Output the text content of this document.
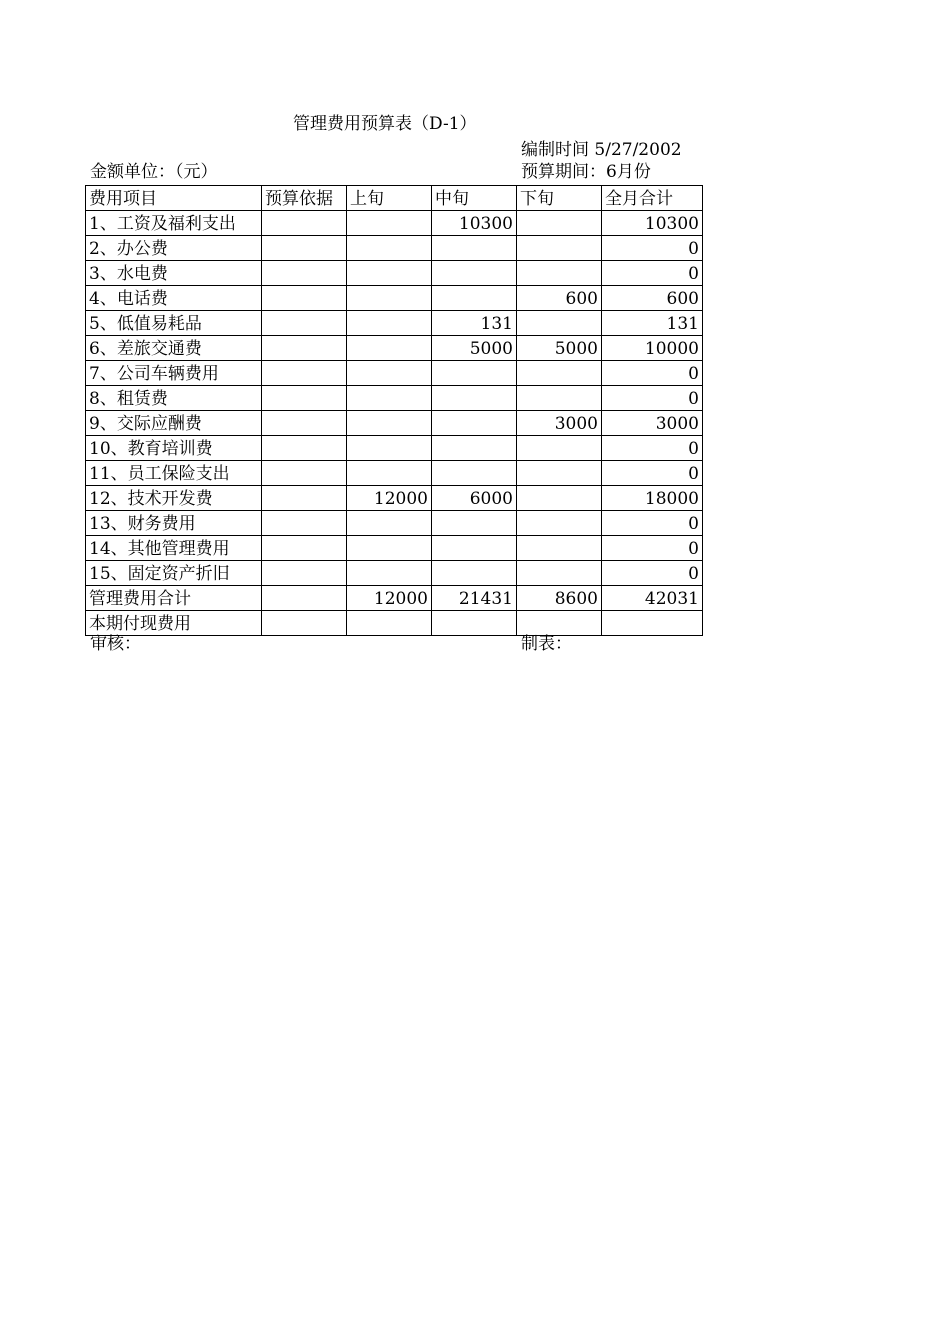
管理费用预算表（D-1）
编制时间 5/27/2002
金额单位：（元）	预算期间：6月份
费用项目	预算依据	上旬	中旬	下旬	全月合计
1、工资及福利支出			10300		10300
2、办公费					0
3、水电费					0
4、电话费				600	600
5、低值易耗品			131		131
6、差旅交通费			5000	5000	10000
7、公司车辆费用					0
8、租赁费					0
9、交际应酬费				3000	3000
10、教育培训费					0
11、员工保险支出					0
12、技术开发费		12000	6000		18000
13、财务费用					0
14、其他管理费用					0
15、固定资产折旧					0
管理费用合计		12000	21431	8600	42031
本期付现费用					
审核：	制表：
